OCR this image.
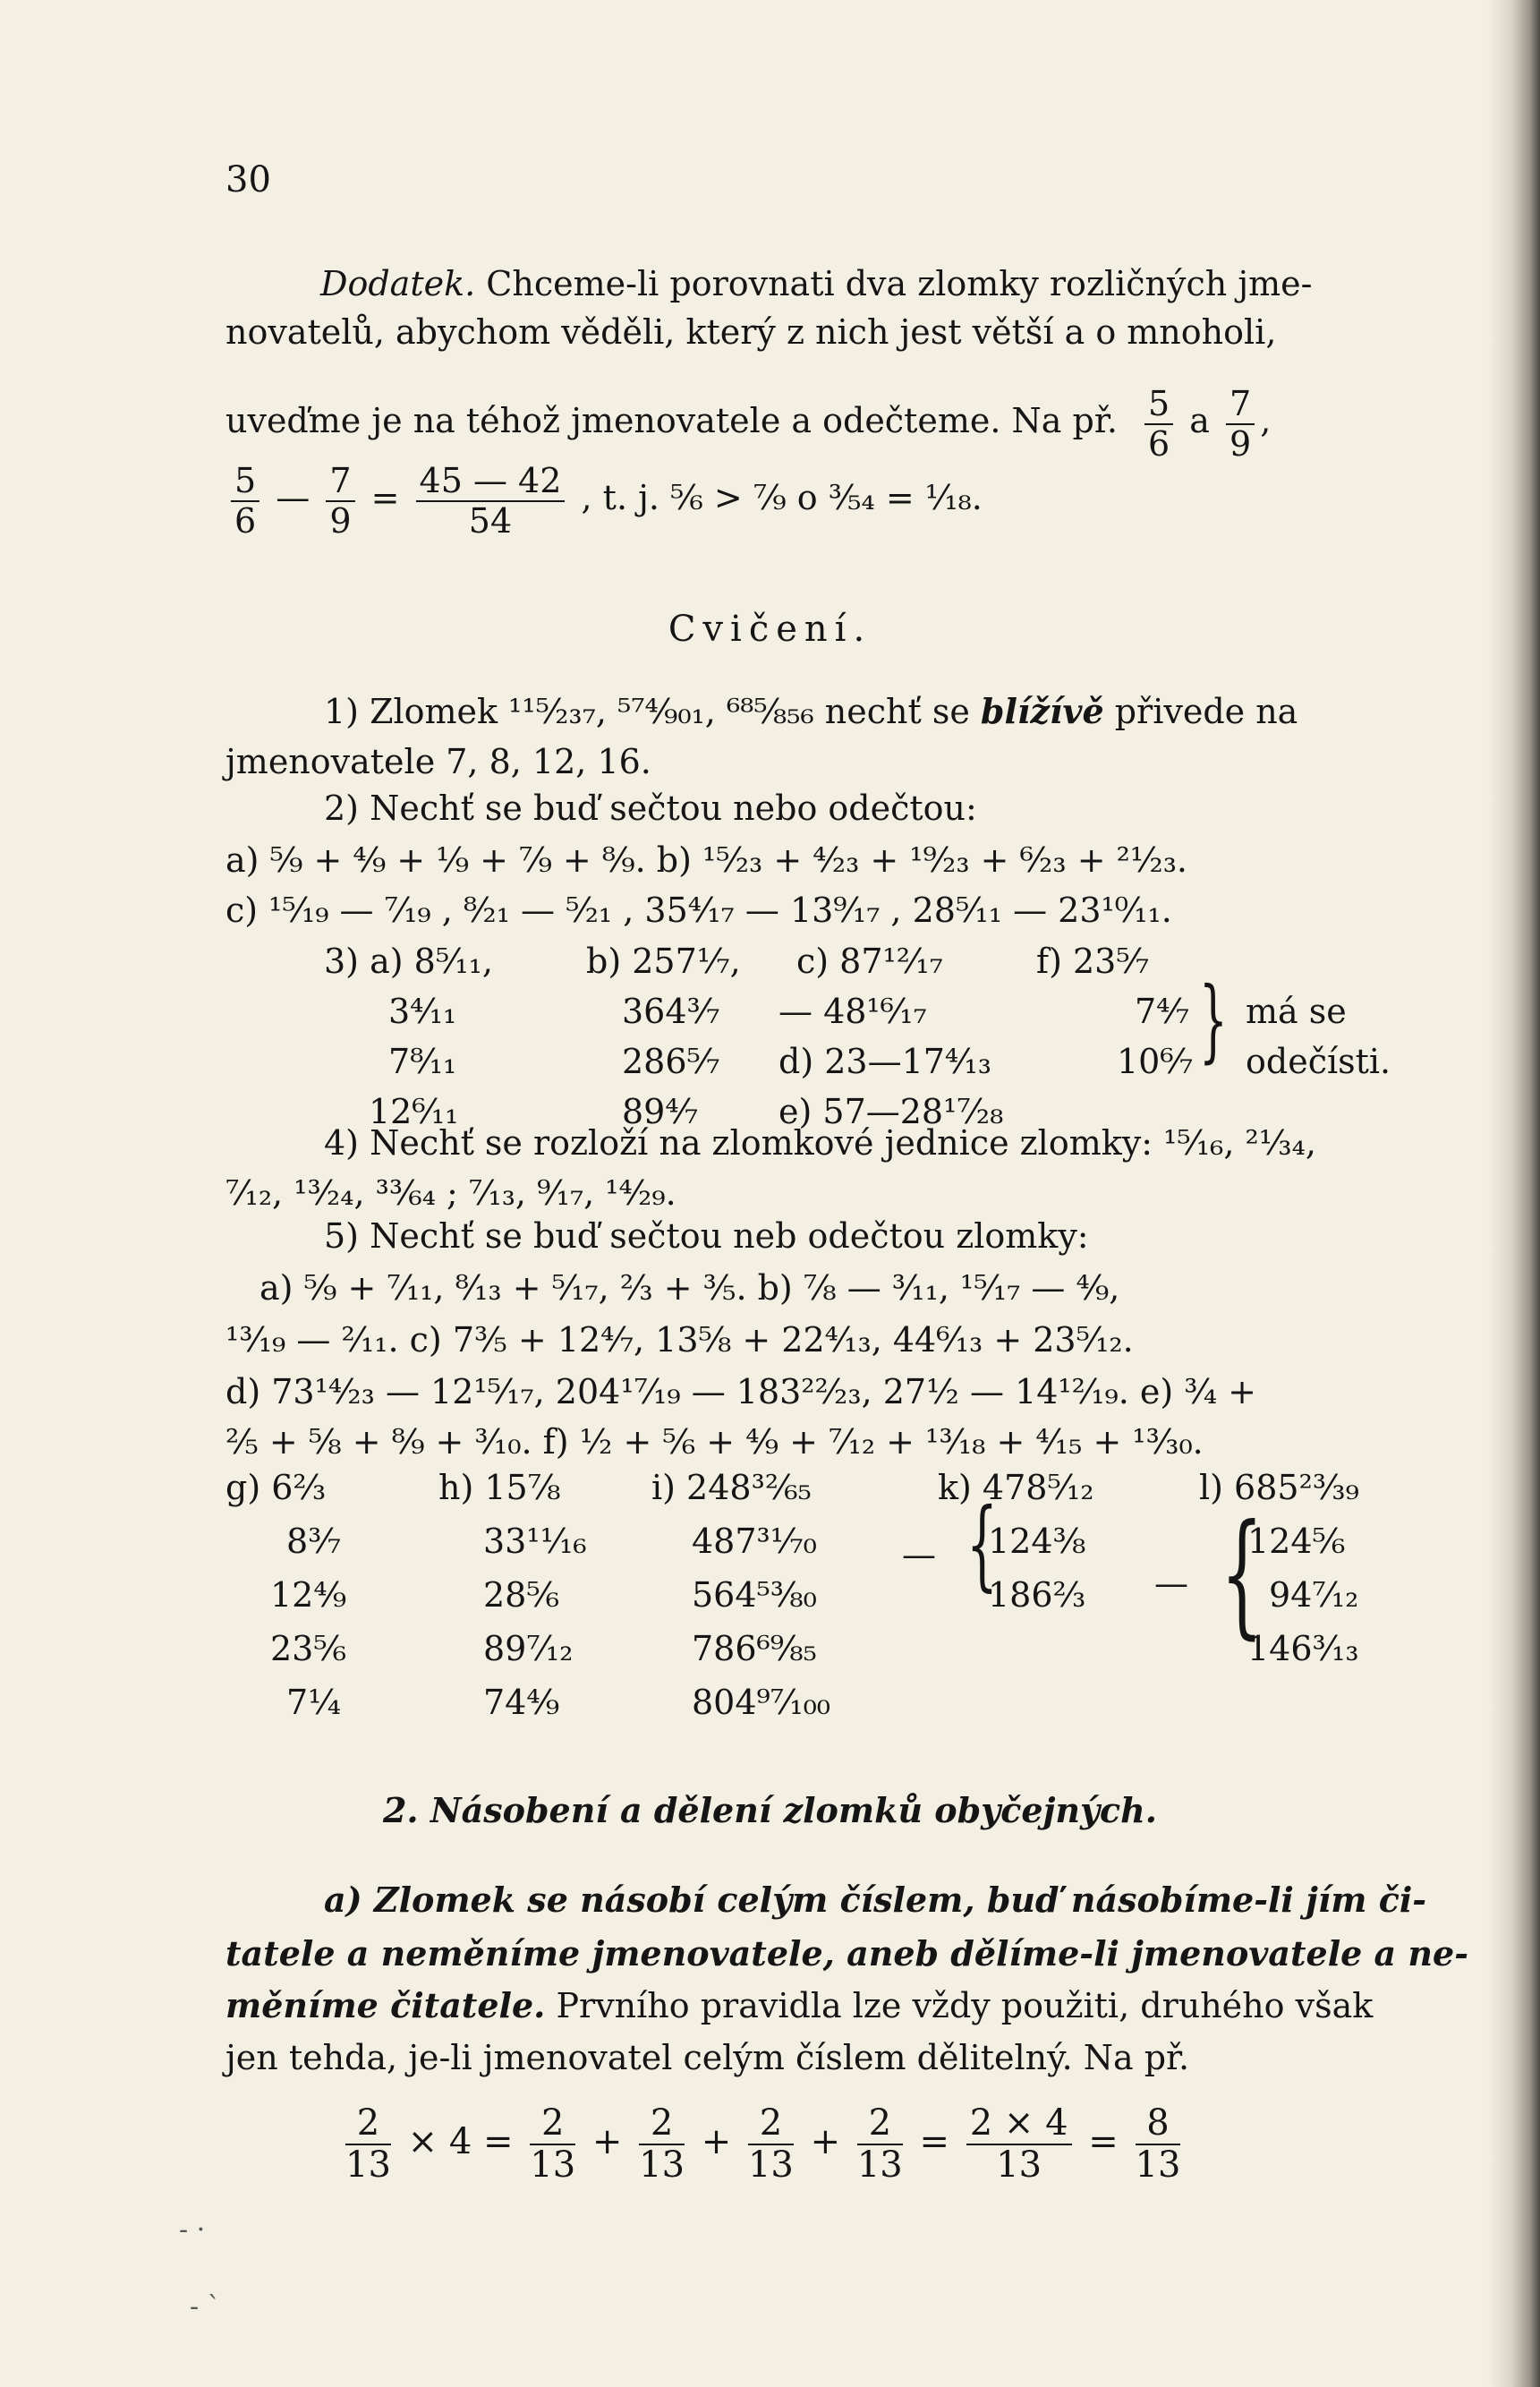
30
Dodatek. Chceme-li porovnati dva zlomky rozličných jme-
novatelů, abychom věděli, který z nich jest větší a o mnoholi,
uveďme je na téhož jmenovatele a odečteme. Na př. $\frac{5}{6}$ a $\frac{7}{9}$ ,
$\frac{5}{6}$ — $\frac{7}{9} = \frac{45 — 42}{54}$ , t. j. ⁵⁄₆ > ⁷⁄₉ o ³⁄₅₄ = ¹⁄₁₈.
Cvičení.
1) Zlomek ¹¹⁵⁄₂₃₇, ⁵⁷⁴⁄₉₀₁, ⁶⁸⁵⁄₈₅₆ nechť se blížívě přivede na
jmenovatele 7, 8, 12, 16.
2) Nechť se buď sečtou nebo odečtou:
a) ⁵⁄₉ + ⁴⁄₉ + ¹⁄₉ + ⁷⁄₉ + ⁸⁄₉. b) ¹⁵⁄₂₃ + ⁴⁄₂₃ + ¹⁹⁄₂₃ + ⁶⁄₂₃ + ²¹⁄₂₃.
c) ¹⁵⁄₁₉ — ⁷⁄₁₉ , ⁸⁄₂₁ — ⁵⁄₂₁ , 35⁴⁄₁₇ — 13⁹⁄₁₇ , 28⁵⁄₁₁ — 23¹⁰⁄₁₁.
3) a) 8⁵⁄₁₁,
3⁴⁄₁₁
7⁸⁄₁₁
12⁶⁄₁₁
b) 257¹⁄₇,
364³⁄₇
286⁵⁄₇
89⁴⁄₇
c) 87¹²⁄₁₇
— 48¹⁶⁄₁₇
d) 23—17⁴⁄₁₃
e) 57—28¹⁷⁄₂₈
f) 23⁵⁄₇
7⁴⁄₇
10⁶⁄₇ } má se
odečísti.
4) Nechť se rozloží na zlomkové jednice zlomky: ¹⁵⁄₁₆, ²¹⁄₃₄,
⁷⁄₁₂, ¹³⁄₂₄, ³³⁄₆₄ ; ⁷⁄₁₃, ⁹⁄₁₇, ¹⁴⁄₂₉.
5) Nechť se buď sečtou neb odečtou zlomky:
a) ⁵⁄₉ + ⁷⁄₁₁, ⁸⁄₁₃ + ⁵⁄₁₇, ²⁄₃ + ³⁄₅. b) ⁷⁄₈ — ³⁄₁₁, ¹⁵⁄₁₇ — ⁴⁄₉,
¹³⁄₁₉ — ²⁄₁₁. c) 7³⁄₅ + 12⁴⁄₇, 13⁵⁄₈ + 22⁴⁄₁₃, 44⁶⁄₁₃ + 23⁵⁄₁₂.
d) 73¹⁴⁄₂₃ — 12¹⁵⁄₁₇, 204¹⁷⁄₁₉ — 183²²⁄₂₃, 27¹⁄₂ — 14¹²⁄₁₉. e) ³⁄₄ +
²⁄₅ + ⁵⁄₈ + ⁸⁄₉ + ³⁄₁₀. f) ¹⁄₂ + ⁵⁄₆ + ⁴⁄₉ + ⁷⁄₁₂ + ¹³⁄₁₈ + ⁴⁄₁₅ + ¹³⁄₃₀.
g) 6²⁄₃
8³⁄₇
12⁴⁄₉
23⁵⁄₆
7¹⁄₄
h) 15⁷⁄₈
33¹¹⁄₁₆
28⁵⁄₆
89⁷⁄₁₂
74⁴⁄₉
i) 248³²⁄₆₅
487³¹⁄₇₀
564⁵³⁄₈₀
786⁶⁹⁄₈₅
804⁹⁷⁄₁₀₀
k) 478⁵⁄₁₂
124³⁄₈
186²⁄₃
— {	l) 685²³⁄₃₉
124⁵⁄₆
94⁷⁄₁₂
146³⁄₁₃
— {
2. Násobení a dělení zlomků obyčejných.
a) Zlomek se násobí celým číslem, buď násobíme-li jím či-
tatele a neměníme jmenovatele, aneb dělíme-li jmenovatele a ne-
měníme čitatele. Prvního pravidla lze vždy použiti, druhého však
jen tehda, je-li jmenovatel celým číslem dělitelný. Na př.
$\frac{2}{13} \times 4 = \frac{2}{13} + \frac{2}{13} + \frac{2}{13} + \frac{2}{13} = \frac{2 \times 4}{13} = \frac{8}{13}$
‐ ·
‐ ˋ
